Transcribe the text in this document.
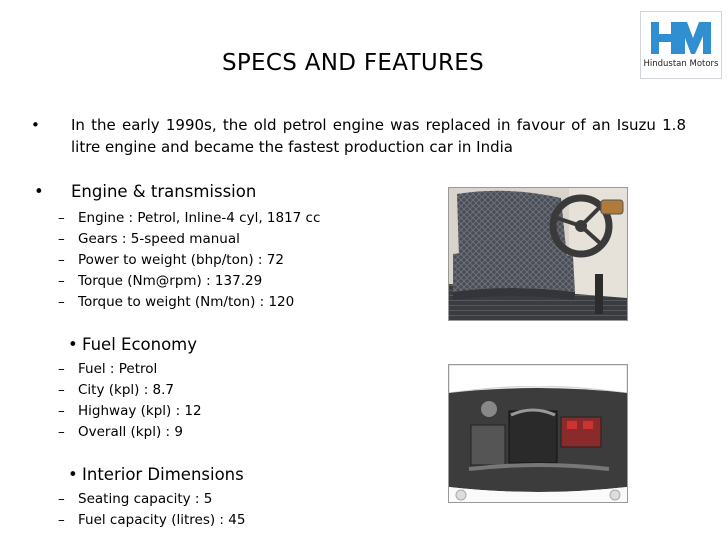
SPECS AND FEATURES	Hindustan Motors
• In the early 1990s, the old petrol engine was replaced in favour of an Isuzu 1.8 litre engine and became the fastest production car in India
• Engine & transmission
– Engine : Petrol, Inline-4 cyl, 1817 cc
– Gears : 5-speed manual
– Power to weight (bhp/ton) : 72
– Torque (Nm@rpm) : 137.29
– Torque to weight (Nm/ton) : 120
• Fuel Economy
– Fuel : Petrol
– City (kpl) : 8.7
– Highway (kpl) : 12
– Overall (kpl) : 9
• Interior Dimensions
– Seating capacity : 5
– Fuel capacity (litres) : 45
